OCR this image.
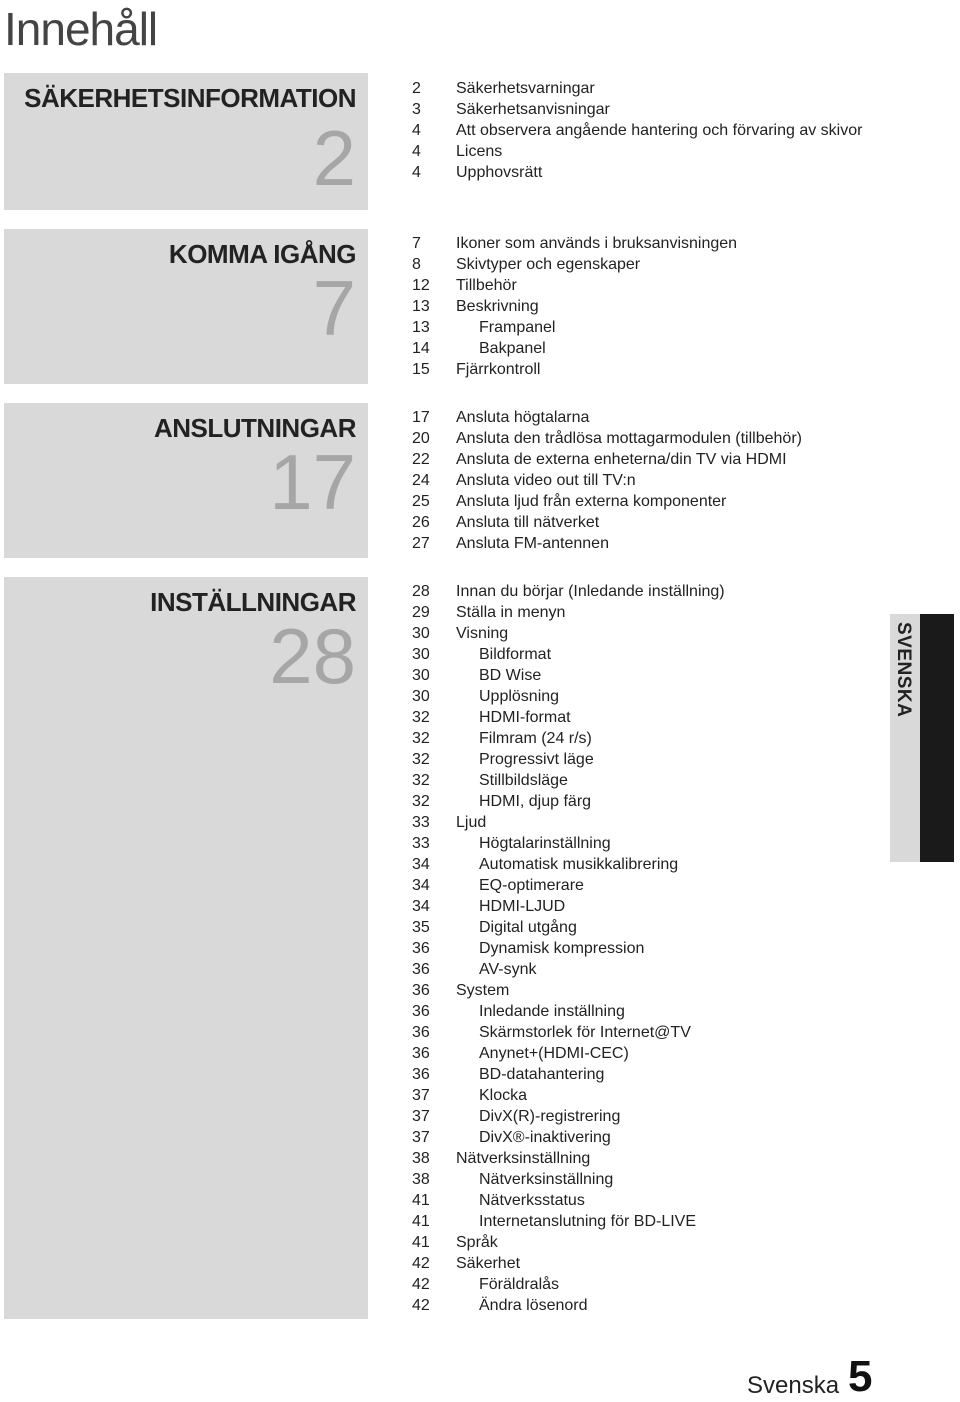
Innehåll
SÄKERHETSINFORMATION
2
2 Säkerhetsvarningar
3 Säkerhetsanvisningar
4 Att observera angående hantering och förvaring av skivor
4 Licens
4 Upphovsrätt
KOMMA IGÅNG
7
7 Ikoner som används i bruksanvisningen
8 Skivtyper och egenskaper
12 Tillbehör
13 Beskrivning
13	Frampanel
14	Bakpanel
15 Fjärrkontroll
ANSLUTNINGAR
17
17 Ansluta högtalarna
20 Ansluta den trådlösa mottagarmodulen (tillbehör)
22 Ansluta de externa enheterna/din TV via HDMI
24 Ansluta video out till TV:n
25 Ansluta ljud från externa komponenter
26 Ansluta till nätverket
27 Ansluta FM-antennen
INSTÄLLNINGAR
28
28 Innan du börjar (Inledande inställning)
29 Ställa in menyn
30 Visning
30	Bildformat
30	BD Wise
30	Upplösning
32	HDMI-format
32	Filmram (24 r/s)
32	Progressivt läge
32	Stillbildsläge
32	HDMI, djup färg
33 Ljud
33	Högtalarinställning
34	Automatisk musikkalibrering
34	EQ-optimerare
34	HDMI-LJUD
35	Digital utgång
36	Dynamisk kompression
36	AV-synk
36 System
36	Inledande inställning
36	Skärmstorlek för Internet@TV
36	Anynet+(HDMI-CEC)
36	BD-datahantering
37	Klocka
37	DivX(R)-registrering
37	DivX®-inaktivering
38 Nätverksinställning
38	Nätverksinställning
41	Nätverksstatus
41	Internetanslutning för BD-LIVE
41 Språk
42 Säkerhet
42	Föräldralås
42	Ändra lösenord
SVENSKA
Svenska 5
